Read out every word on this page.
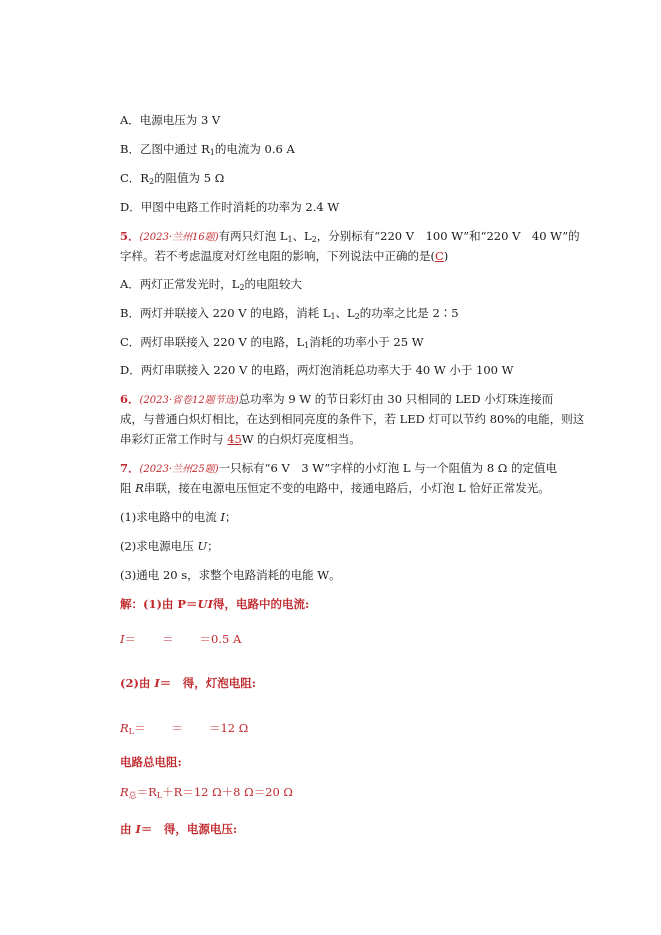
A．电源电压为 3 V
B．乙图中通过 $R_1$的电流为 0.6 A
C．$R_2$的阻值为 5 Ω
D．甲图中电路工作时消耗的功率为 2.4 W
5．(2023·兰州16题)有两只灯泡 $L_1$、$L_2$，分别标有“220 V　100 W”和“220 V　40 W”的
字样。若不考虑温度对灯丝电阻的影响，下列说法中正确的是(C)
A．两灯正常发光时，$L_2$的电阻较大
B．两灯并联接入 220 V 的电路，消耗 $L_1$、$L_2$的功率之比是 2∶5
C．两灯串联接入 220 V 的电路，$L_1$消耗的功率小于 25 W
D．两灯串联接入 220 V 的电路，两灯泡消耗总功率大于 40 W 小于 100 W
6．(2023·省卷12题节选)总功率为 9 W 的节日彩灯由 30 只相同的 LED 小灯珠连接而
成，与普通白炽灯相比，在达到相同亮度的条件下，若 LED 灯可以节约 80%的电能，则这
串彩灯正常工作时与 45W 的白炽灯亮度相当。
7．(2023·兰州25题)一只标有“6 V　3 W”字样的小灯泡 L 与一个阻值为 8 Ω 的定值电
阻 R串联，接在电源电压恒定不变的电路中，接通电路后，小灯泡 L 恰好正常发光。
(1)求电路中的电流 I；
(2)求电源电压 U；
(3)通电 20 s，求整个电路消耗的电能 W。
解：(1)由 P＝UI得，电路中的电流:
I＝ ＝ ＝0.5 A
(2)由 I＝　得，灯泡电阻:
$R_L= = =12$ Ω
电路总电阻:
$R_总=R_L+R=12$ Ω＋8 Ω＝20 Ω
由 I＝　得，电源电压:
